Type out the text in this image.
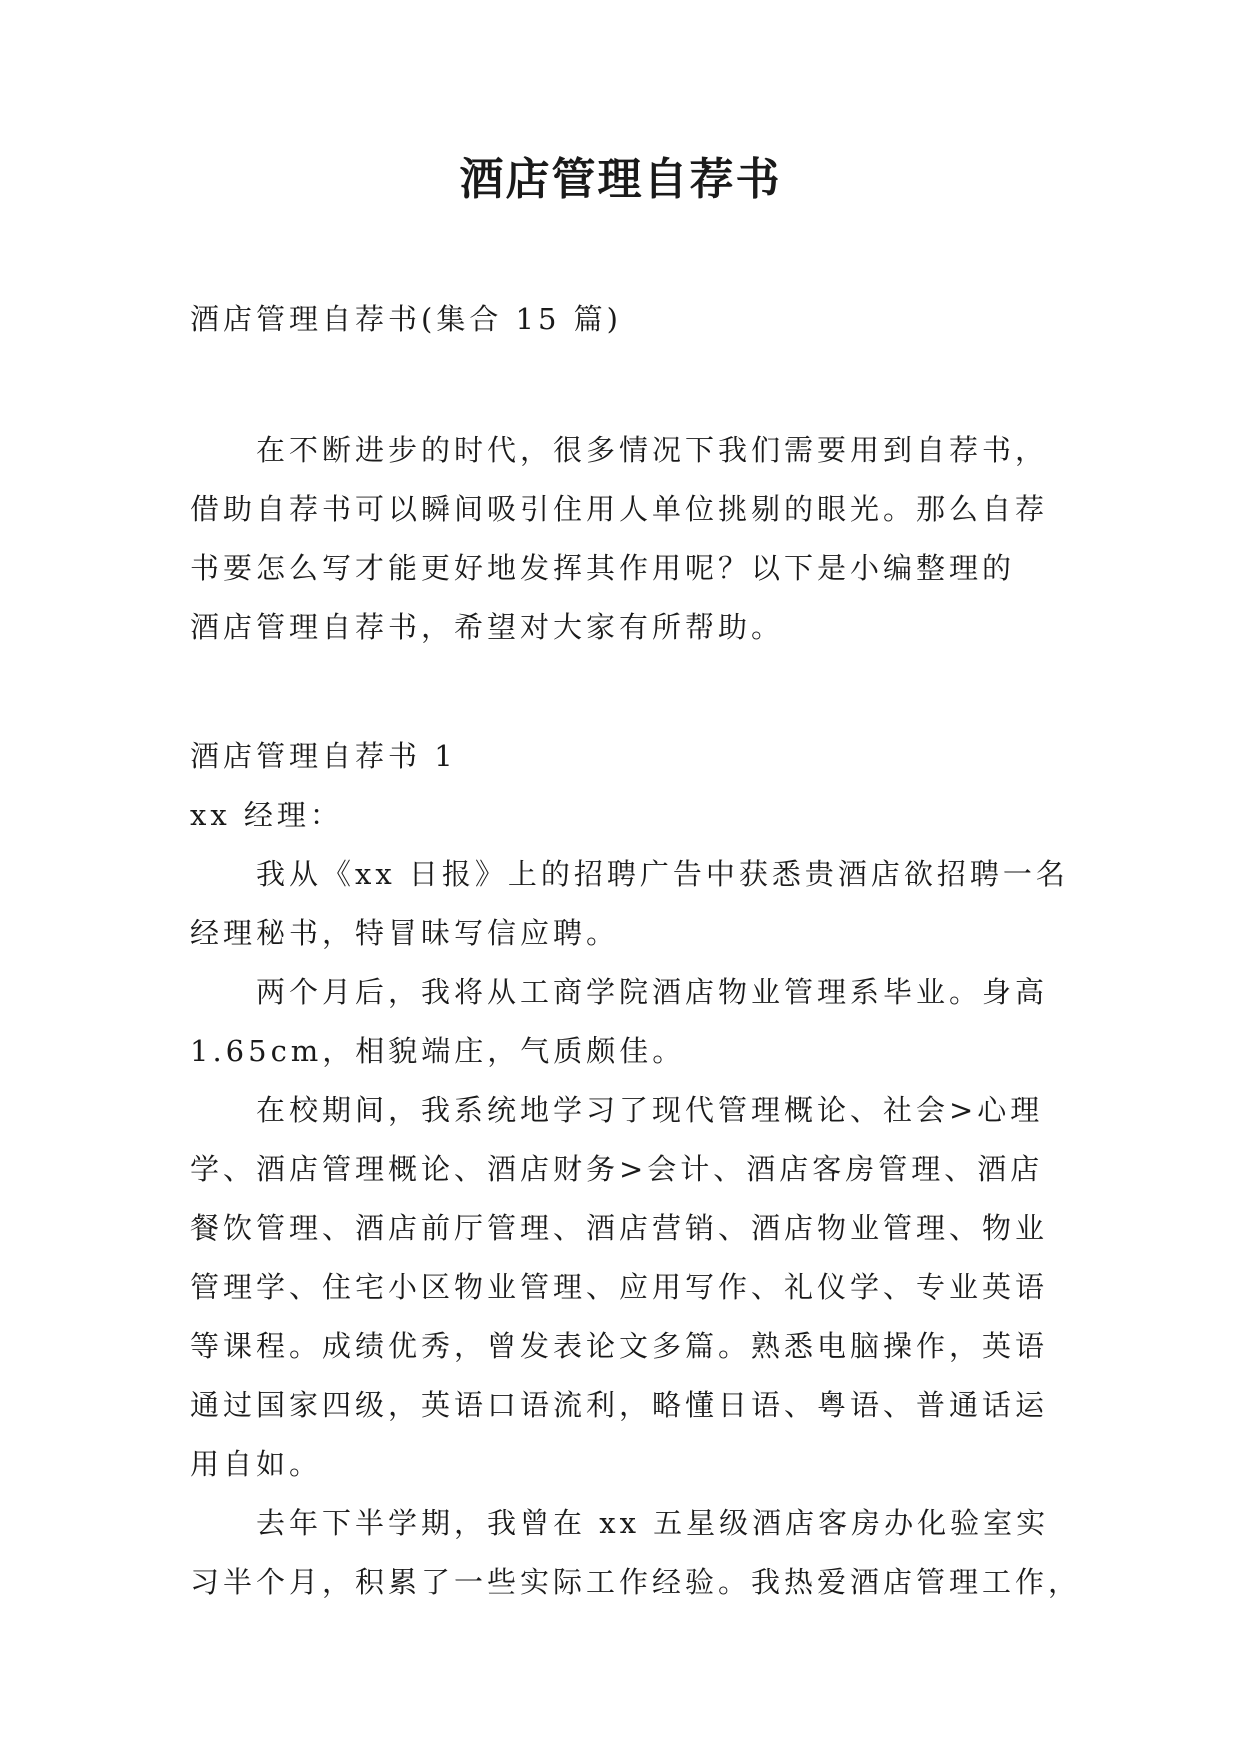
酒店管理自荐书

酒店管理自荐书(集合 15 篇)

　　在不断进步的时代，很多情况下我们需要用到自荐书，

借助自荐书可以瞬间吸引住用人单位挑剔的眼光。那么自荐

书要怎么写才能更好地发挥其作用呢？以下是小编整理的

酒店管理自荐书，希望对大家有所帮助。

酒店管理自荐书 1

xx 经理：

　　我从《xx 日报》上的招聘广告中获悉贵酒店欲招聘一名

经理秘书，特冒昧写信应聘。

　　两个月后，我将从工商学院酒店物业管理系毕业。身高

1.65cm，相貌端庄，气质颇佳。

　　在校期间，我系统地学习了现代管理概论、社会>心理

学、酒店管理概论、酒店财务>会计、酒店客房管理、酒店

餐饮管理、酒店前厅管理、酒店营销、酒店物业管理、物业

管理学、住宅小区物业管理、应用写作、礼仪学、专业英语

等课程。成绩优秀，曾发表论文多篇。熟悉电脑操作，英语

通过国家四级，英语口语流利，略懂日语、粤语、普通话运

用自如。

　　去年下半学期，我曾在 xx 五星级酒店客房办化验室实

习半个月，积累了一些实际工作经验。我热爱酒店管理工作，
